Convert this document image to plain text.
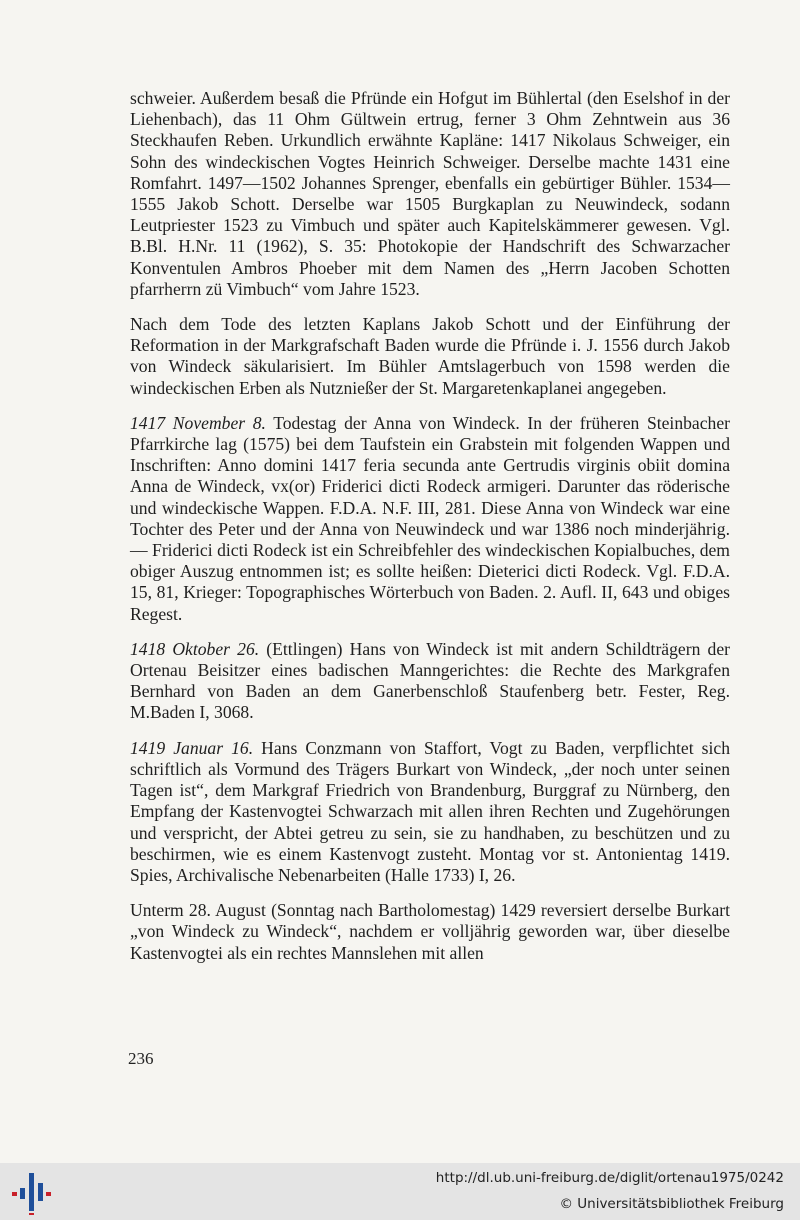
schweier. Außerdem besaß die Pfründe ein Hofgut im Bühlertal (den Eselshof in der Liehenbach), das 11 Ohm Gültwein ertrug, ferner 3 Ohm Zehntwein aus 36 Steckhaufen Reben. Urkundlich erwähnte Kapläne: 1417 Nikolaus Schweiger, ein Sohn des windeckischen Vogtes Heinrich Schweiger. Derselbe machte 1431 eine Romfahrt. 1497—1502 Johannes Sprenger, ebenfalls ein gebürtiger Bühler. 1534—1555 Jakob Schott. Derselbe war 1505 Burgkaplan zu Neuwindeck, sodann Leutpriester 1523 zu Vimbuch und später auch Kapitelskämmerer gewesen. Vgl. B.Bl. H.Nr. 11 (1962), S. 35: Photokopie der Handschrift des Schwarzacher Konventulen Ambros Phoeber mit dem Namen des „Herrn Jacoben Schotten pfarrherrn zü Vimbuch“ vom Jahre 1523.

Nach dem Tode des letzten Kaplans Jakob Schott und der Einführung der Reformation in der Markgrafschaft Baden wurde die Pfründe i. J. 1556 durch Jakob von Windeck säkularisiert. Im Bühler Amtslagerbuch von 1598 werden die windeckischen Erben als Nutznießer der St. Margaretenkaplanei angegeben.

1417 November 8. Todestag der Anna von Windeck. In der früheren Steinbacher Pfarrkirche lag (1575) bei dem Taufstein ein Grabstein mit folgenden Wappen und Inschriften: Anno domini 1417 feria secunda ante Gertrudis virginis obiit domina Anna de Windeck, vx(or) Friderici dicti Rodeck armigeri. Darunter das röderische und windeckische Wappen. F.D.A. N.F. III, 281. Diese Anna von Windeck war eine Tochter des Peter und der Anna von Neuwindeck und war 1386 noch minderjährig. — Friderici dicti Rodeck ist ein Schreibfehler des windeckischen Kopialbuches, dem obiger Auszug entnommen ist; es sollte heißen: Dieterici dicti Rodeck. Vgl. F.D.A. 15, 81, Krieger: Topographisches Wörterbuch von Baden. 2. Aufl. II, 643 und obiges Regest.

1418 Oktober 26. (Ettlingen) Hans von Windeck ist mit andern Schildträgern der Ortenau Beisitzer eines badischen Manngerichtes: die Rechte des Markgrafen Bernhard von Baden an dem Ganerbenschloß Staufenberg betr. Fester, Reg. M.Baden I, 3068.

1419 Januar 16. Hans Conzmann von Staffort, Vogt zu Baden, verpflichtet sich schriftlich als Vormund des Trägers Burkart von Windeck, „der noch unter seinen Tagen ist“, dem Markgraf Friedrich von Brandenburg, Burggraf zu Nürnberg, den Empfang der Kastenvogtei Schwarzach mit allen ihren Rechten und Zugehörungen und verspricht, der Abtei getreu zu sein, sie zu handhaben, zu beschützen und zu beschirmen, wie es einem Kastenvogt zusteht. Montag vor st. Antonientag 1419. Spies, Archivalische Nebenarbeiten (Halle 1733) I, 26.

Unterm 28. August (Sonntag nach Bartholomestag) 1429 reversiert derselbe Burkart „von Windeck zu Windeck“, nachdem er volljährig geworden war, über dieselbe Kastenvogtei als ein rechtes Mannslehen mit allen

236
http://dl.ub.uni-freiburg.de/diglit/ortenau1975/0242
© Universitätsbibliothek Freiburg
